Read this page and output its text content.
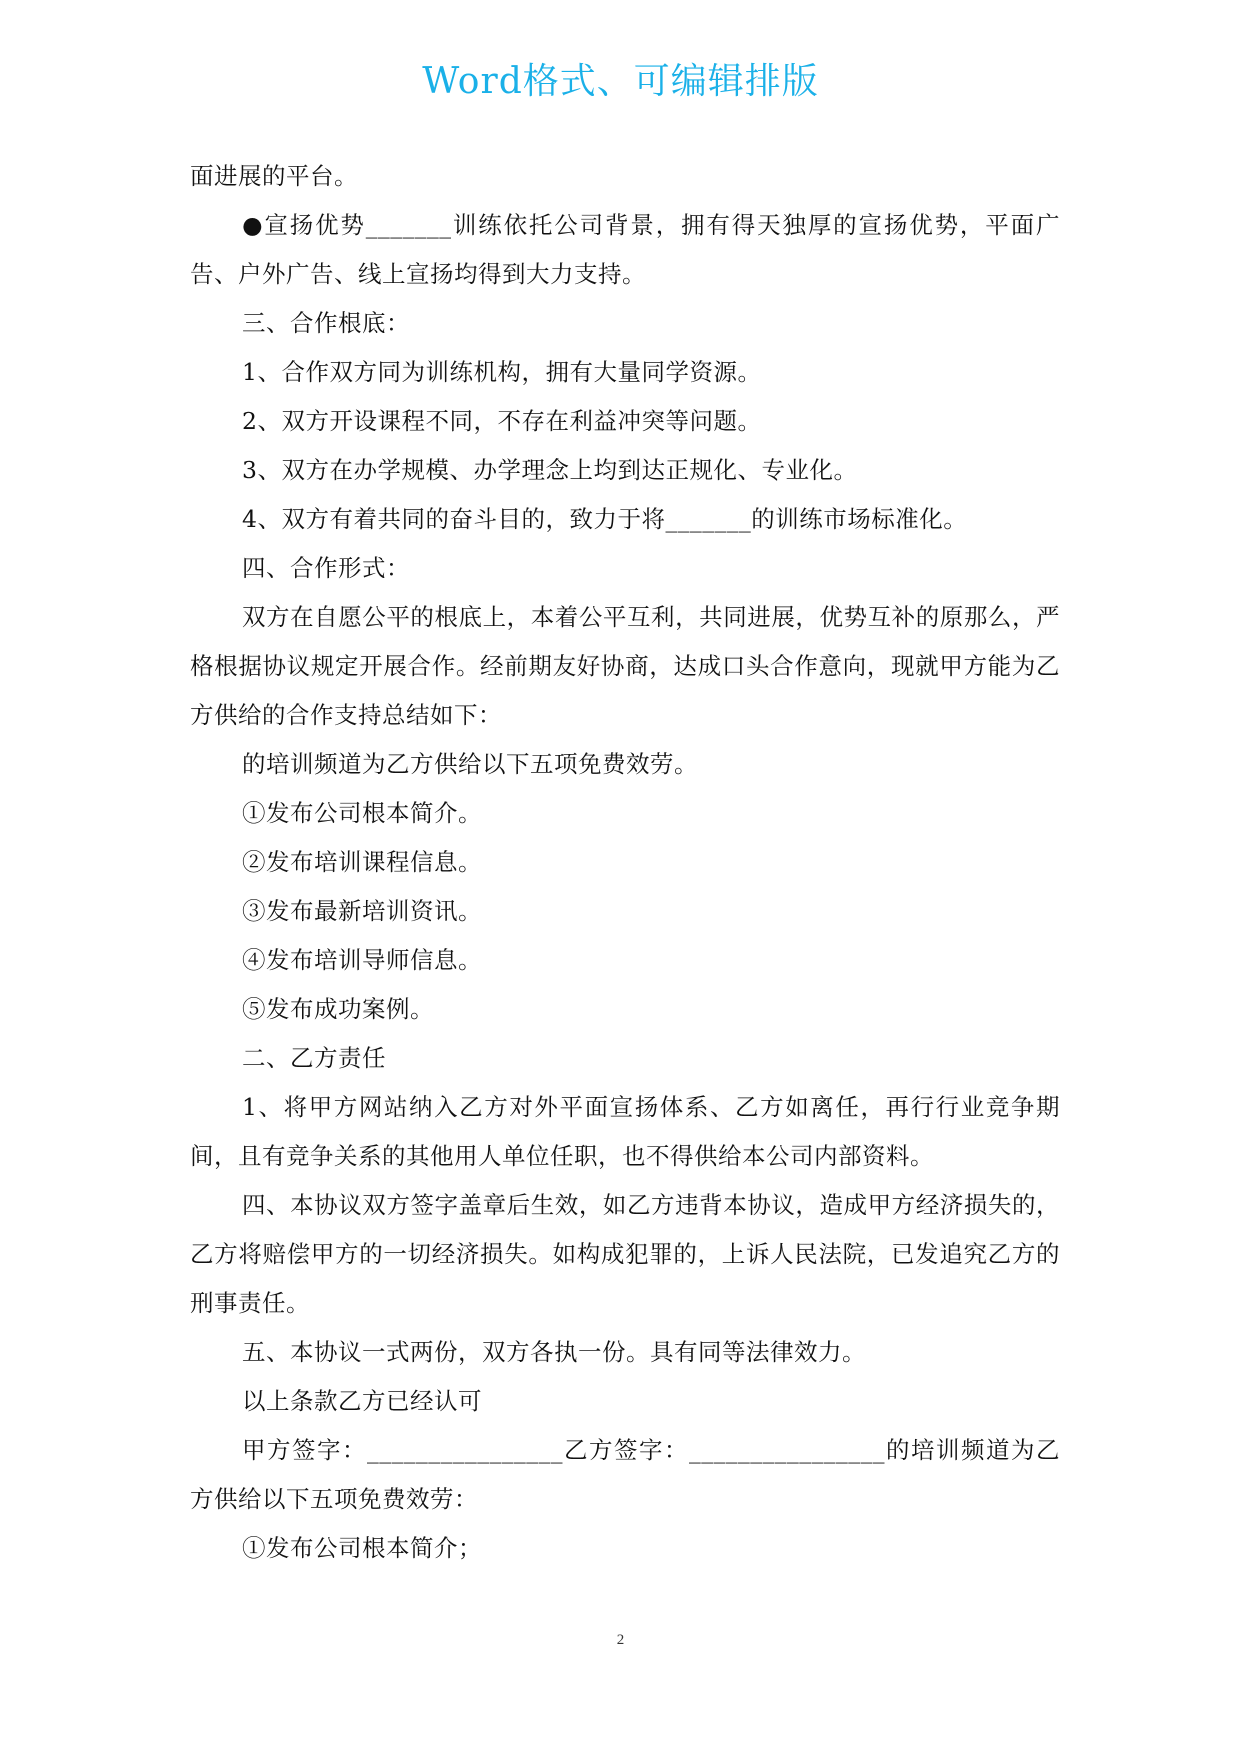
Word格式、可编辑排版

面进展的平台。

●宣扬优势_______训练依托公司背景，拥有得天独厚的宣扬优势，平面广告、户外广告、线上宣扬均得到大力支持。

三、合作根底：

1、合作双方同为训练机构，拥有大量同学资源。

2、双方开设课程不同，不存在利益冲突等问题。

3、双方在办学规模、办学理念上均到达正规化、专业化。

4、双方有着共同的奋斗目的，致力于将_______的训练市场标准化。

四、合作形式：

双方在自愿公平的根底上，本着公平互利，共同进展，优势互补的原那么，严格根据协议规定开展合作。经前期友好协商，达成口头合作意向，现就甲方能为乙方供给的合作支持总结如下：

的培训频道为乙方供给以下五项免费效劳。

①发布公司根本简介。

②发布培训课程信息。

③发布最新培训资讯。

④发布培训导师信息。

⑤发布成功案例。

二、乙方责任

1、将甲方网站纳入乙方对外平面宣扬体系、乙方如离任，再行行业竞争期间，且有竞争关系的其他用人单位任职，也不得供给本公司内部资料。

四、本协议双方签字盖章后生效，如乙方违背本协议，造成甲方经济损失的，乙方将赔偿甲方的一切经济损失。如构成犯罪的，上诉人民法院，已发追究乙方的刑事责任。

五、本协议一式两份，双方各执一份。具有同等法律效力。

以上条款乙方已经认可

甲方签字：________________乙方签字：________________的培训频道为乙方供给以下五项免费效劳：

①发布公司根本简介；

2
